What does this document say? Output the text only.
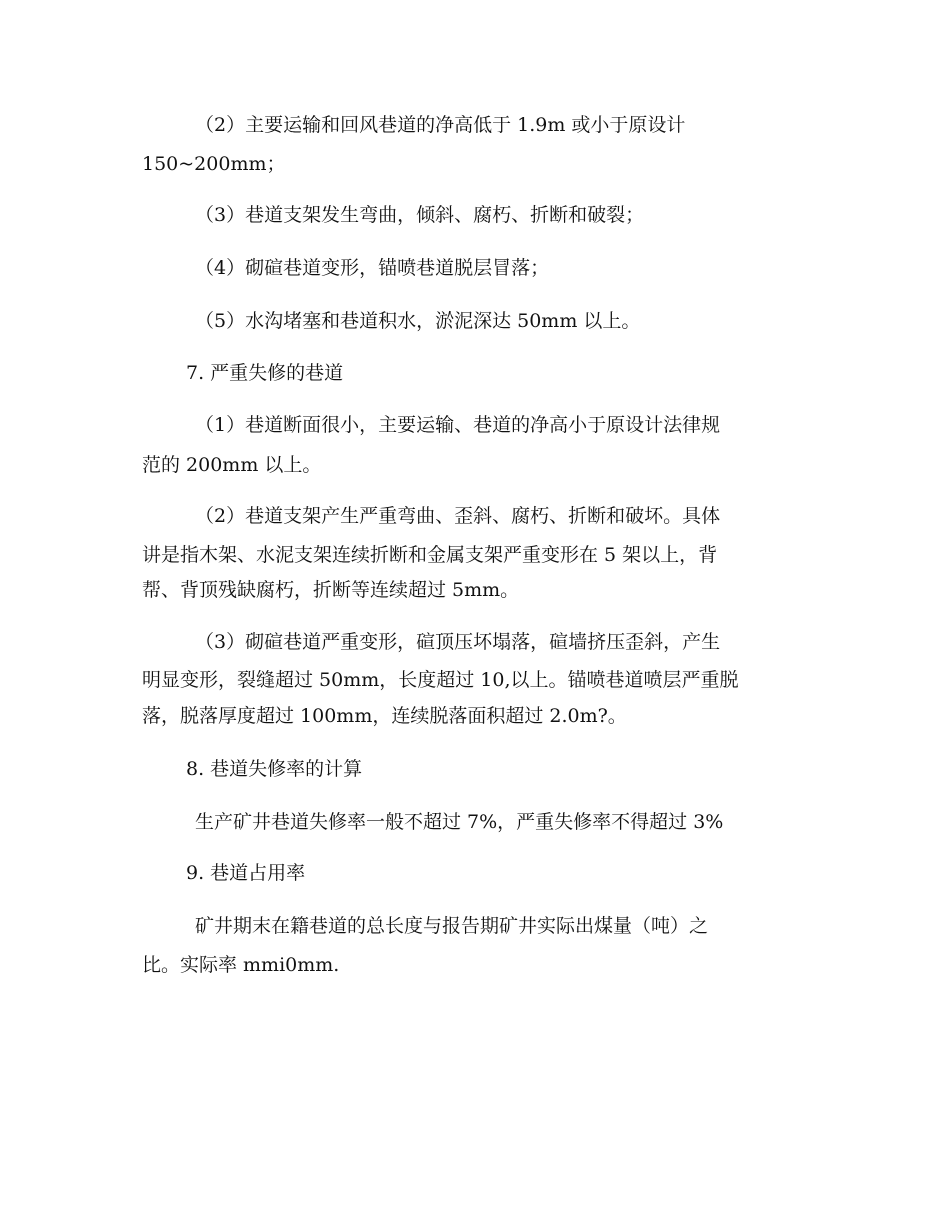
（2）主要运输和回风巷道的净高低于 1.9m 或小于原设计
150~200mm；
（3）巷道支架发生弯曲，倾斜、腐朽、折断和破裂；
（4）砌碹巷道变形，锚喷巷道脱层冒落；
（5）水沟堵塞和巷道积水，淤泥深达 50mm 以上。
7. 严重失修的巷道
（1）巷道断面很小，主要运输、巷道的净高小于原设计法律规
范的 200mm 以上。
（2）巷道支架产生严重弯曲、歪斜、腐朽、折断和破坏。具体
讲是指木架、水泥支架连续折断和金属支架严重变形在 5 架以上，背
帮、背顶残缺腐朽，折断等连续超过 5mm。
（3）砌碹巷道严重变形，碹顶压坏塌落，碹墙挤压歪斜，产生
明显变形，裂缝超过 50mm，长度超过 10,以上。锚喷巷道喷层严重脱
落，脱落厚度超过 100mm，连续脱落面积超过 2.0m?。
8. 巷道失修率的计算
生产矿井巷道失修率一般不超过 7%，严重失修率不得超过 3%
9. 巷道占用率
矿井期末在籍巷道的总长度与报告期矿井实际出煤量（吨）之
比。实际率 mmi0mm.
